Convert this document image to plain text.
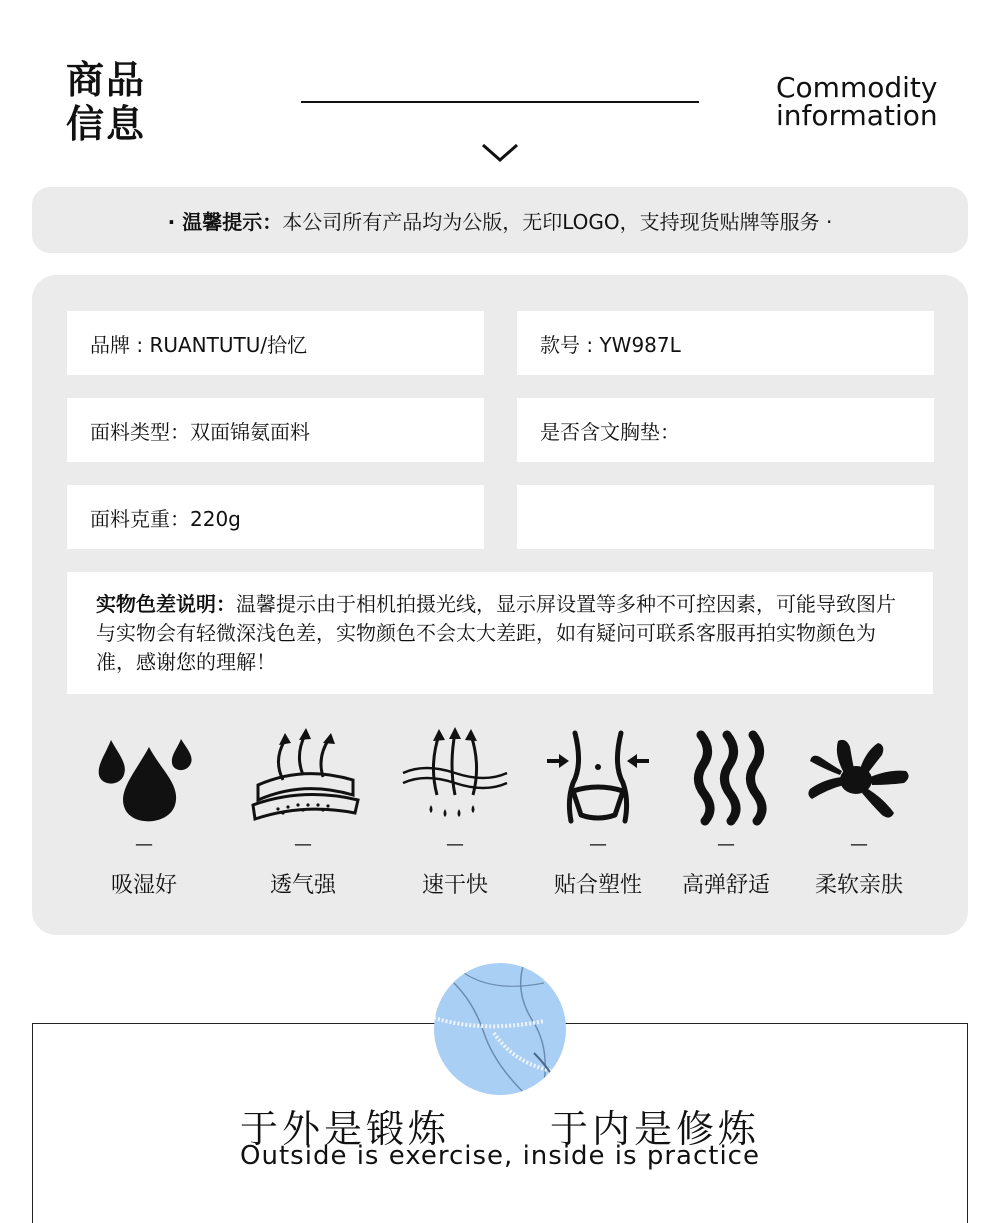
商品信息
Commodity
information
· 温馨提示： 本公司所有产品均为公版，无印LOGO，支持现货贴牌等服务 ·
品牌 : RUANTUTU/拾忆	款号 : YW987L
面料类型：双面锦氨面料	是否含文胸垫：
面料克重：220g
实物色差说明：温馨提示由于相机拍摄光线，显示屏设置等多种不可控因素，可能导致图片与实物会有轻微深浅色差，实物颜色不会太大差距，如有疑问可联系客服再拍实物颜色为准，感谢您的理解！
—
吸湿好
—
透气强
—
速干快
—
贴合塑性
—
高弹舒适
—
柔软亲肤
于外是锻炼	于内是修炼
Outside is exercise, inside is practice
